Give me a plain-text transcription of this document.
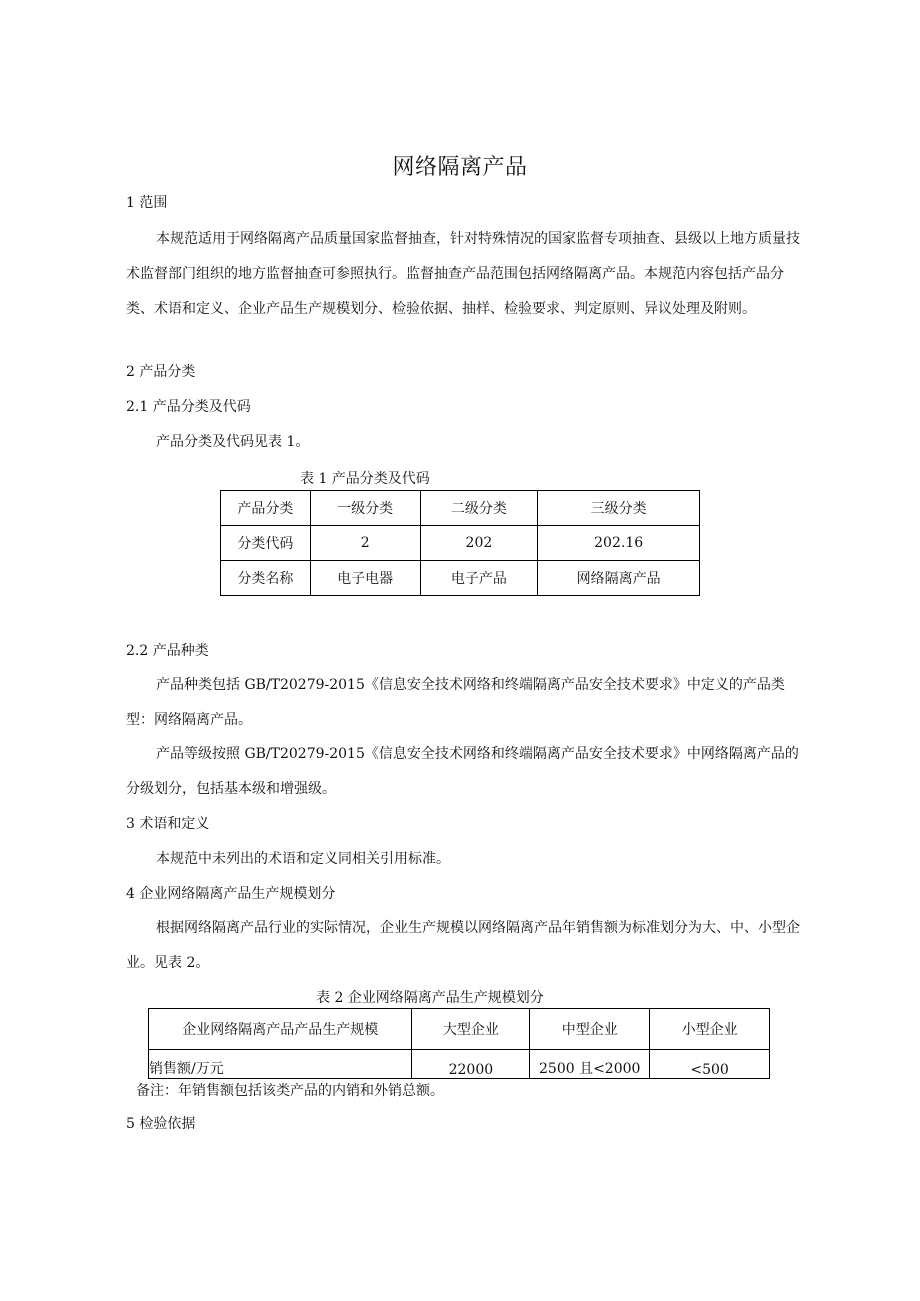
网络隔离产品
1 范围
本规范适用于网络隔离产品质量国家监督抽查，针对特殊情况的国家监督专项抽查、县级以上地方质量技术监督部门组织的地方监督抽查可参照执行。监督抽查产品范围包括网络隔离产品。本规范内容包括产品分类、术语和定义、企业产品生产规模划分、检验依据、抽样、检验要求、判定原则、异议处理及附则。
2 产品分类
2.1 产品分类及代码
产品分类及代码见表 1。
表 1 产品分类及代码
产品分类	一级分类	二级分类	三级分类
分类代码	2	202	202.16
分类名称	电子电器	电子产品	网络隔离产品
2.2 产品种类
产品种类包括 GB/T20279-2015《信息安全技术网络和终端隔离产品安全技术要求》中定义的产品类型：网络隔离产品。
产品等级按照 GB/T20279-2015《信息安全技术网络和终端隔离产品安全技术要求》中网络隔离产品的分级划分，包括基本级和增强级。
3 术语和定义
本规范中未列出的术语和定义同相关引用标准。
4 企业网络隔离产品生产规模划分
根据网络隔离产品行业的实际情况，企业生产规模以网络隔离产品年销售额为标准划分为大、中、小型企业。见表 2。
表 2 企业网络隔离产品生产规模划分
企业网络隔离产品产品生产规模	大型企业	中型企业	小型企业
销售额/万元	22000	2500 且<2000	<500
备注：年销售额包括该类产品的内销和外销总额。
5 检验依据
